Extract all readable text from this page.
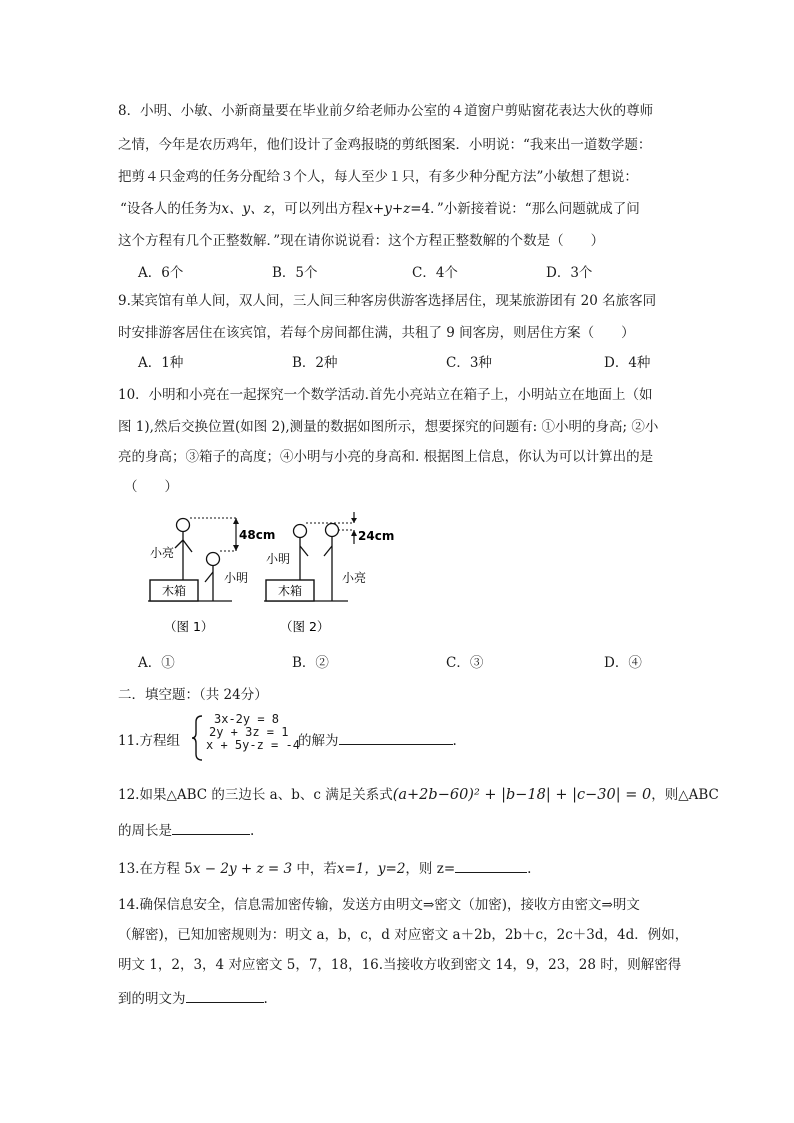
8．小明、小敏、小新商量要在毕业前夕给老师办公室的４道窗户剪贴窗花表达大伙的尊师
之情，今年是农历鸡年，他们设计了金鸡报晓的剪纸图案．小明说：“我来出一道数学题：
把剪４只金鸡的任务分配给３个人，每人至少１只，有多少种分配方法”小敏想了想说：
“设各人的任务为x、y、z，可以列出方程x+y+z=4．”小新接着说：“那么问题就成了问
这个方程有几个正整数解．”现在请你说说看：这个方程正整数解的个数是（　　）
A．6个	B．5个	C．4个	D．3个
9.某宾馆有单人间，双人间，三人间三种客房供游客选择居住，现某旅游团有 20 名旅客同
时安排游客居住在该宾馆，若每个房间都住满，共租了 9 间客房，则居住方案（　　）
A．1种	B．2种	C．3种	D．4种
10．小明和小亮在一起探究一个数学活动.首先小亮站立在箱子上，小明站立在地面上（如
图 1),然后交换位置(如图 2),测量的数据如图所示，想要探究的问题有: ①小明的身高; ②小
亮的身高；③箱子的高度；④小明与小亮的身高和. 根据图上信息，你认为可以计算出的是
（　　）
木箱
小亮
小明
48cm
（图 1）
木箱
小明
小亮
24cm
（图 2）
A．①	B．②	C．③	D．④
二．填空题：（共 24分）
11.方程组
3x-2y = 8
2y + 3z = 1
x + 5y-z = -4
的解为	.
12.如果△ABC 的三边长 a、b、c 满足关系式(a+2b−60)² + |b−18| + |c−30| = 0，则△ABC
的周长是	.
13.在方程 5x − 2y + z = 3 中，若x=1，y=2，则 z=	.
14.确保信息安全，信息需加密传输，发送方由明文⇒密文（加密)，接收方由密文⇒明文
（解密)，已知加密规则为：明文 a，b，c，d 对应密文 a＋2b，2b＋c，2c＋3d，4d．例如，
明文 1，2，3，4 对应密文 5，7，18，16.当接收方收到密文 14，9，23，28 时，则解密得
到的明文为	.
